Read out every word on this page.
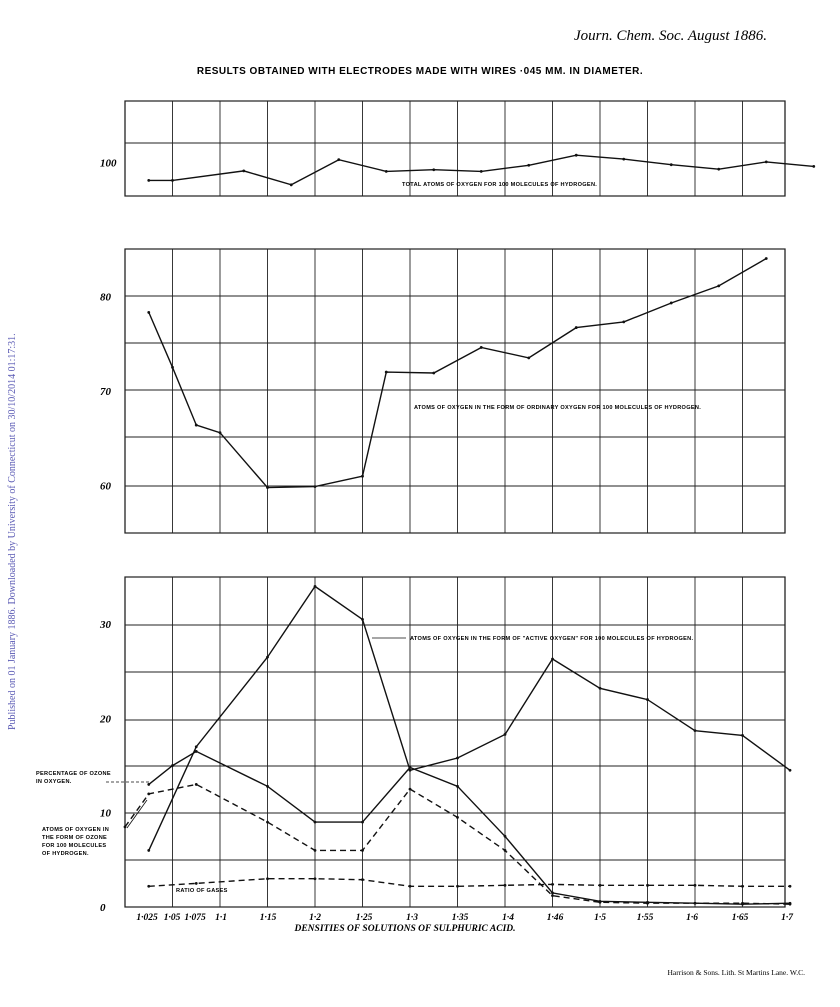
Journ. Chem. Soc. August 1886.
RESULTS OBTAINED WITH ELECTRODES MADE WITH WIRES ·045 MM. IN DIAMETER.
Published on 01 January 1886. Downloaded by University of Connecticut on 30/10/2014 01:17:31.
DENSITIES OF SOLUTIONS OF SULPHURIC ACID.
Harrison & Sons. Lith. St Martins Lane. W.C.
100
TOTAL ATOMS OF OXYGEN FOR 100 MOLECULES OF HYDROGEN.
60
70
80
ATOMS OF OXYGEN IN THE FORM OF ORDINARY OXYGEN FOR 100 MOLECULES OF HYDROGEN.
0
10
20
30
1·025 1·05 1·075 1·1	1·15	1·2	1·25	1·3	1·35	1·4	1·46	1·5	1·55	1·6	1·65	1·7
ATOMS OF OXYGEN IN THE FORM OF "ACTIVE OXYGEN" FOR 100 MOLECULES OF HYDROGEN.
PERCENTAGE OF OZONE
IN OXYGEN.
ATOMS OF OXYGEN IN
THE FORM OF OZONE
FOR 100 MOLECULES
OF HYDROGEN.
RATIO OF GASES
